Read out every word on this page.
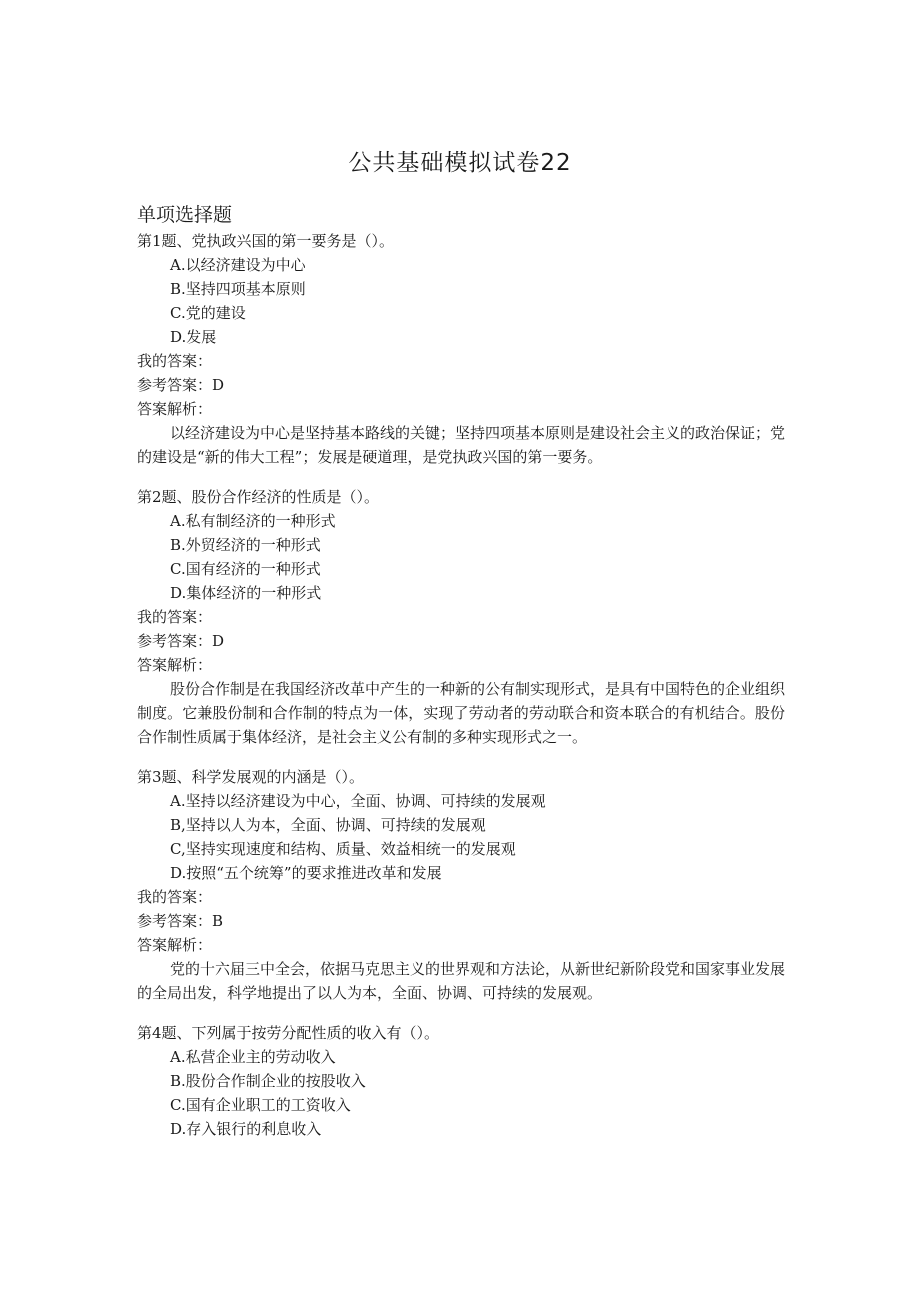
公共基础模拟试卷22
单项选择题
第1题、党执政兴国的第一要务是（）。
A.以经济建设为中心
B.坚持四项基本原则
C.党的建设
D.发展
我的答案：
参考答案：D
答案解析：

以经济建设为中心是坚持基本路线的关键；坚持四项基本原则是建设社会主义的政治保证；党的建设是“新的伟大工程”；发展是硬道理，是党执政兴国的第一要务。

第2题、股份合作经济的性质是（）。
A.私有制经济的一种形式
B.外贸经济的一种形式
C.国有经济的一种形式
D.集体经济的一种形式
我的答案：
参考答案：D
答案解析：

股份合作制是在我国经济改革中产生的一种新的公有制实现形式，是具有中国特色的企业组织制度。它兼股份制和合作制的特点为一体，实现了劳动者的劳动联合和资本联合的有机结合。股份合作制性质属于集体经济，是社会主义公有制的多种实现形式之一。

第3题、科学发展观的内涵是（）。
A.坚持以经济建设为中心，全面、协调、可持续的发展观
B,坚持以人为本，全面、协调、可持续的发展观
C,坚持实现速度和结构、质量、效益相统一的发展观
D.按照“五个统筹”的要求推进改革和发展
我的答案：
参考答案：B
答案解析：

党的十六届三中全会，依据马克思主义的世界观和方法论，从新世纪新阶段党和国家事业发展的全局出发，科学地提出了以人为本，全面、协调、可持续的发展观。

第4题、下列属于按劳分配性质的收入有（）。
A.私营企业主的劳动收入
B.股份合作制企业的按股收入
C.国有企业职工的工资收入
D.存入银行的利息收入
